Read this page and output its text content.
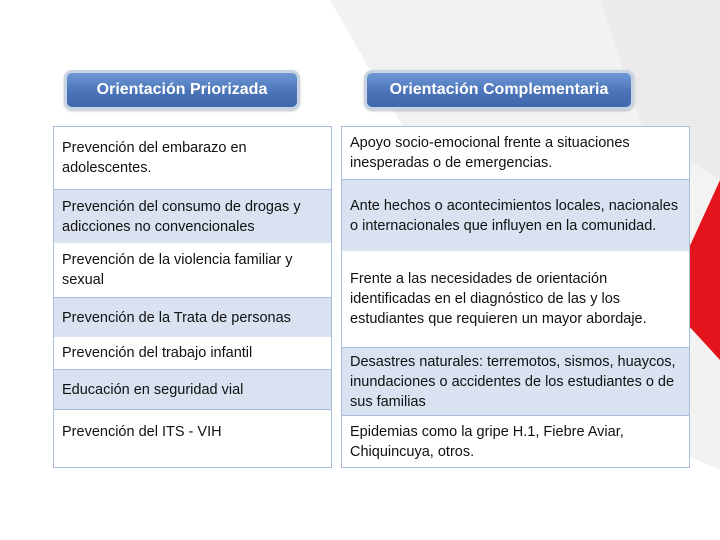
Orientación Priorizada	Orientación Complementaria
Prevención del embarazo en adolescentes.
Prevención del consumo de drogas y adicciones no convencionales
Prevención de la violencia familiar y sexual
Prevención de la Trata de personas
Prevención del trabajo infantil
Educación en seguridad vial
Prevención del ITS - VIH
Apoyo socio-emocional frente a situaciones inesperadas o de emergencias.
Ante hechos o acontecimientos locales, nacionales o internacionales que influyen en la comunidad.
Frente a las necesidades de orientación identificadas en el diagnóstico de las y los estudiantes que requieren un mayor abordaje.
Desastres naturales: terremotos, sismos, huaycos, inundaciones o accidentes de los estudiantes o de sus familias
Epidemias como la gripe H.1, Fiebre Aviar, Chiquincuya, otros.
